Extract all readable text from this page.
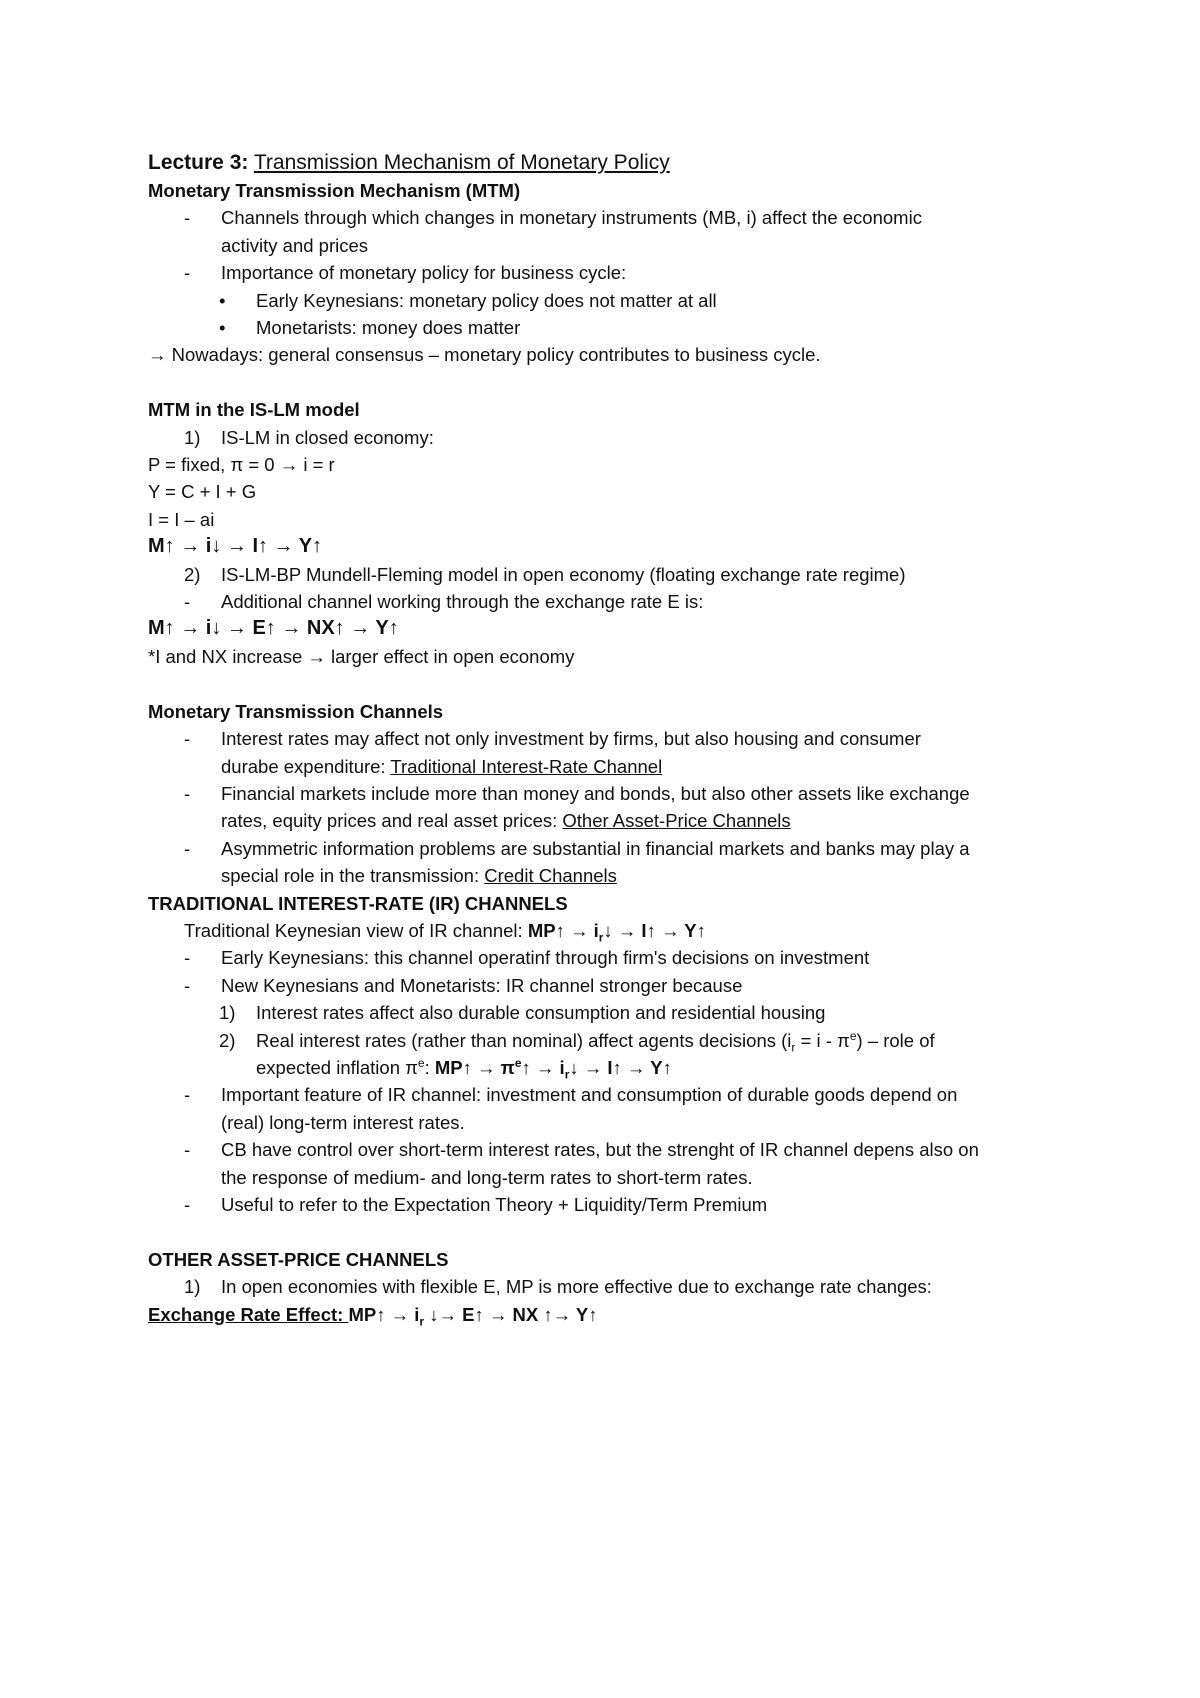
Lecture 3: Transmission Mechanism of Monetary Policy
Monetary Transmission Mechanism (MTM)
- Channels through which changes in monetary instruments (MB, i) affect the economic
activity and prices
- Importance of monetary policy for business cycle:
• Early Keynesians: monetary policy does not matter at all
• Monetarists: money does matter
→ Nowadays: general consensus – monetary policy contributes to business cycle.
MTM in the IS-LM model
1) IS-LM in closed economy:
P = fixed, π = 0 → i = r
Y = C + I + G
I = I – ai
M↑ → i↓ → I↑ → Y↑
2) IS-LM-BP Mundell-Fleming model in open economy (floating exchange rate regime)
- Additional channel working through the exchange rate E is:
M↑ → i↓ → E↑ → NX↑ → Y↑
*I and NX increase → larger effect in open economy
Monetary Transmission Channels
- Interest rates may affect not only investment by firms, but also housing and consumer
durabe expenditure: Traditional Interest-Rate Channel
- Financial markets include more than money and bonds, but also other assets like exchange
rates, equity prices and real asset prices: Other Asset-Price Channels
- Asymmetric information problems are substantial in financial markets and banks may play a
special role in the transmission: Credit Channels
TRADITIONAL INTEREST-RATE (IR) CHANNELS
Traditional Keynesian view of IR channel: MP↑ → $i_r↓$ → I↑ → Y↑
- Early Keynesians: this channel operatinf through firm's decisions on investment
- New Keynesians and Monetarists: IR channel stronger because
1) Interest rates affect also durable consumption and residential housing
2) Real interest rates (rather than nominal) affect agents decisions $(i_r = i - \pi^e)$ – role of
expected inflation $\pi^e$: MP↑ → $\pi^e↑$ → $i_r↓$ → I↑ → Y↑
- Important feature of IR channel: investment and consumption of durable goods depend on
(real) long-term interest rates.
- CB have control over short-term interest rates, but the strenght of IR channel depens also on
the response of medium- and long-term rates to short-term rates.
- Useful to refer to the Expectation Theory + Liquidity/Term Premium
OTHER ASSET-PRICE CHANNELS
1) In open economies with flexible E, MP is more effective due to exchange rate changes:
Exchange Rate Effect: MP↑ → $i_r$ ↓→ E↑ → NX ↑→ Y↑
